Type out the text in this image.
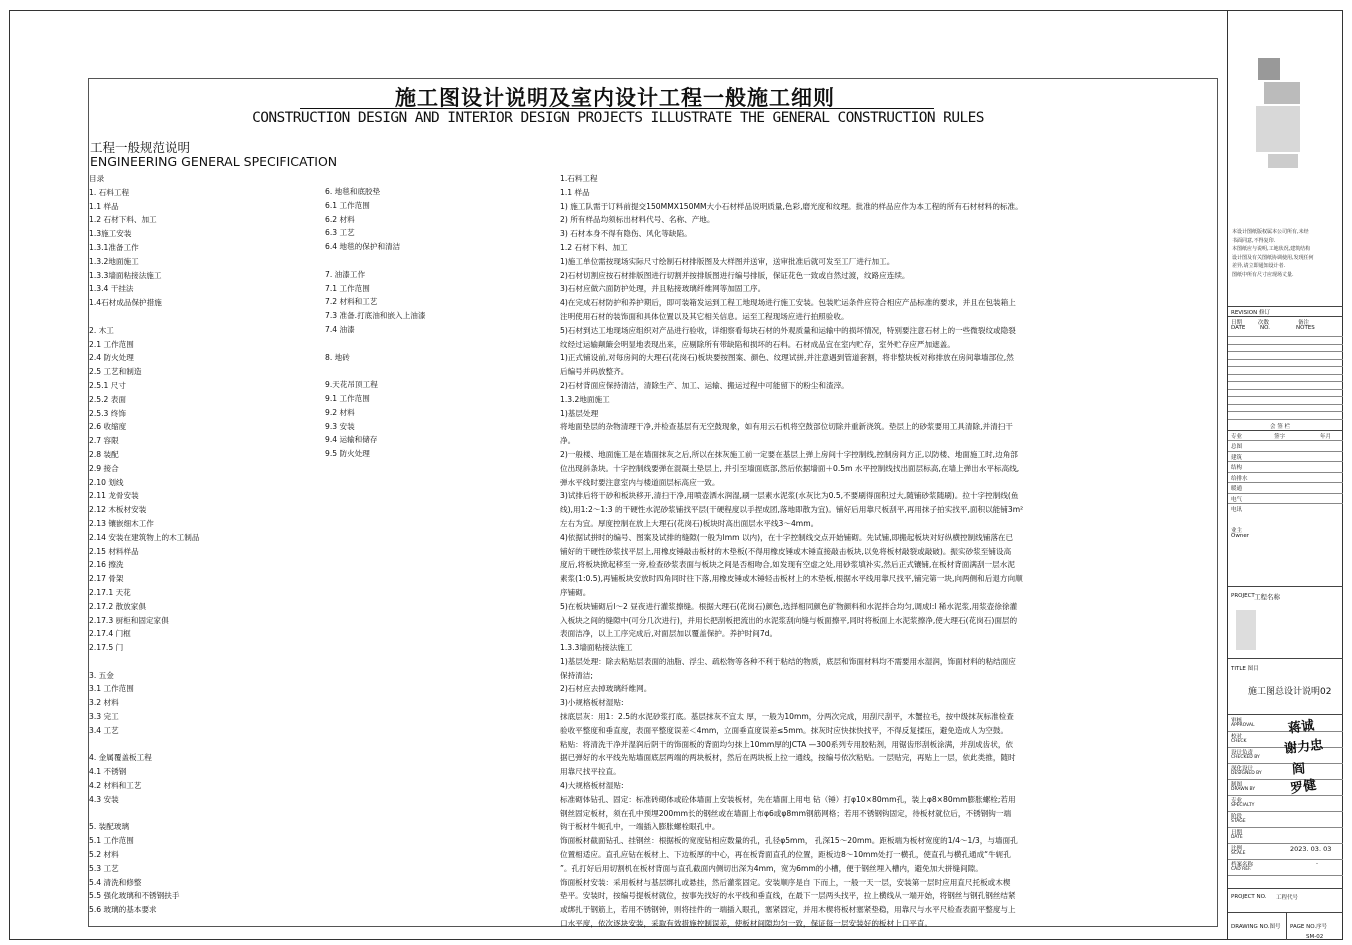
施工图设计说明及室内设计工程一般施工细则
CONSTRUCTION DESIGN AND INTERIOR DESIGN PROJECTS ILLUSTRATE THE GENERAL CONSTRUCTION RULES
工程一般规范说明
ENGINEERING GENERAL SPECIFICATION
目录
1. 石料工程
1.1 样品
1.2 石材下料、加工
1.3施工安装
1.3.1准备工作
1.3.2地面施工
1.3.3墙面粘接法施工
1.3.4 干挂法
1.4石材成品保护措施
2. 木工
2.1 工作范围
2.4 防火处理
2.5 工艺和制造
2.5.1 尺寸
2.5.2 表面
2.5.3 终饰
2.6 收缩度
2.7 容限
2.8 装配
2.9 接合
2.10 划线
2.11 龙骨安装
2.12 木板材安装
2.13 镶嵌细木工作
2.14 安装在建筑物上的木工制品
2.15 材料样品
2.16 擦洗
2.17 骨架
2.17.1 天花
2.17.2 散放家俱
2.17.3 厨柜和固定家俱
2.17.4 门框
2.17.5 门
3. 五金
3.1 工作范围
3.2 材料
3.3 完工
3.4 工艺
4. 金属覆盖板工程
4.1 不锈钢
4.2 材料和工艺
4.3 安装
5. 装配玻璃
5.1 工作范围
5.2 材料
5.3 工艺
5.4 清洗和修整
5.5 强化玻璃和不锈钢扶手
5.6 玻璃的基本要求
6. 地毯和底胶垫
6.1 工作范围
6.2 材料
6.3 工艺
6.4 地毯的保护和清洁
7. 油漆工作
7.1 工作范围
7.2 材料和工艺
7.3 准备.打底油和嵌入上油漆
7.4 油漆
8. 地砖
9.天花吊顶工程
9.1 工作范围
9.2 材料
9.3 安装
9.4 运输和储存
9.5 防火处理
1.石料工程
1.1 样品
1) 施工队需于订料前提交150MMX150MM大小石材样品说明质量,色彩,磨光度和纹理。批准的样品应作为本工程的所有石材材料的标准。
2) 所有样品均须标出材料代号、名称、产地。
3) 石材本身不得有隐伤、风化等缺陷。
1.2 石材下料、加工
1)施工单位需按现场实际尺寸绘制石材排版图及大样图并送审，送审批准后就可发至工厂进行加工。
2)石材切割应按石材排版图进行切割并按排版图进行编号排版，保证花色一致或自然过渡，纹路应连续。
3)石材应做六面防护处理，并且粘接玻璃纤维网等加固工序。
4)在完成石材防护和养护期后，即可装箱发运到工程工地现场进行施工安装。包装贮运条件应符合相应产品标准的要求，并且在包装箱上
注明使用石材的装饰面和具体位置以及其它相关信息。运至工程现场应进行拍照验收。
5)石材到达工地现场应组织对产品进行验收，详细察看每块石材的外观质量和运输中的损坏情况，特别要注意石材上的一些微裂纹或隐裂
纹经过运输颠簸会明显地表现出来，应剔除所有带缺陷和损坏的石料。石材成品宜在室内贮存，室外贮存应严加遮盖。
1)正式铺设前,对每房间的大理石(花岗石)板块要按图案、颜色、纹理试拼,并注意遇到管道套割，将非整块板对称排放在房间靠墙部位,然
后编号并码放整齐。
2)石材背面应保持清洁，清除生产、加工、运输、搬运过程中可能留下的粉尘和渣滓。
1.3.2地面施工
1)基层处理
将地面垫层的杂物清理干净,并检查基层有无空鼓现象，如有用云石机将空鼓部位切除并重新浇筑。垫层上的砂浆要用工具清除,并清扫干
净。
2)一般楼、地面施工是在墙面抹灰之后,所以在抹灰施工前一定要在基层上弹上房间十字控制线,控制房间方正,以防楼、地面施工时,边角部
位出现斜条块。十字控制线要弹在混凝土垫层上, 并引至墙面底部,然后依据墙面＋0.5m 水平控制线找出面层标高,在墙上弹出水平标高线,
弹水平线时要注意室内与楼道面层标高应一致。
3)试排后将干砂和板块移开,清扫干净,用喷壶洒水润湿,刷一层素水泥浆(水灰比为0.5,不要刷得面积过大,随铺砂浆随刷)。拉十字控制线(鱼
线),用1:2～1:3 的干硬性水泥砂浆铺找平层(干硬程度以手捏成团,落地即散为宜)。铺好后用靠尺板刮平,再用抹子拍实找平,面积以能铺3m²
左右为宜。厚度控制在放上大理石(花岗石)板块时高出面层水平线3～4mm。
4)依据试拼时的编号、图案及试排的缝隙(一般为lmm 以内)，在十字控制线交点开始铺砌。先试铺,即搬起板块对好纵横控制线铺落在已
铺好的干硬性砂浆找平层上,用橡皮锤敲击板材的木垫板(不得用橡皮锤或木锤直接敲击板块,以免将板材敲裂或敲破)。振实砂浆至铺设高
度后,将板块掀起移至一旁,检查砂浆表面与板块之间是否相吻合,如发现有空虚之处,用砂浆填补实,然后正式镶铺,在板材背面满刮一层水泥
素浆(1:0.5),再铺板块安放时四角同时往下落,用橡皮锤或木锤轻击板材上的木垫板,根据水平线用靠尺找平,铺完第一块,向两侧和后退方向顺
序铺砌。
5)在板块铺砌后l～2 昼夜进行灌浆擦缝。根据大理石(花岗石)颜色,选择相同颜色矿物颜料和水泥拌合均匀,调成l:l 稀水泥浆,用浆壶徐徐灌
入板块之间的缝隙中(可分几次进行)，并用长把刮板把流出的水泥浆刮向缝与板面擦平,同时将板面上水泥浆擦净,使大理石(花岗石)面层的
表面洁净，以上工序完成后,对面层加以覆盖保护。养护时间7d。
1.3.3墙面粘接法施工
1)基层处理：除去粘贴层表面的油脂、浮尘、疏松物等各种不利于粘结的物质，底层和饰面材料均不需要用水湿润，饰面材料的粘结面应
保持清洁;
2)石材应去掉玻璃纤维网。
3)小规格板材湿贴:
抹底层灰：用1：2.5的水泥砂浆打底。基层抹灰不宜太 厚，一般为10mm，分两次完成，用刮尺刮平，木蟹拉毛，按中级抹灰标准检查
验收平整度和垂直度，表面平整度误差＜4mm，立面垂直度误差≤5mm。抹灰时应快抹快找平，不得反复揉压，避免造成人为空鼓。
粘贴：将清洗干净并湿润后阴干的饰面板的背面均匀抹上10mm厚的JCTA —300系列专用胶粘剂，用锯齿形刮板涂满，并刮成齿状，依
据已弹好的水平线先贴墙面底层两端的两块板材，然后在两块板上拉一通线，按编号依次粘贴。一层贴完，再贴上一层，依此类推，随时
用靠尺找平拉直。
4)大规格板材湿贴:
标准砌体钻孔、固定：标准砖砌体或砼体墙面上安装板材，先在墙面上用电 钻（锤）打φ10×80mm孔，装上φ8×80mm膨胀螺栓;若用
钢丝固定板材，须在孔中预埋200mm长的钢丝或在墙面上布φ6或φ8mm钢筋网格；若用不锈钢钩固定，待板材就位后，不锈钢钩一端
钩于板材牛轭孔中，一端插入膨胀螺栓眼孔中。
饰面板材截面钻孔、挂钢丝：根据板的宽度钻相应数量的孔，孔径φ5mm， 孔深15～20mm。距板端为板材宽度的1/4～1/3，与墙面孔
位置相适应。直孔应钻在板材上、下边板厚的中心，再在板背面直孔的位置，距板边8～10mm处打一横孔，使直孔与横孔通成“牛轭孔
”。孔打好后用切割机在板材背面与直孔截面内侧切出深为4mm，宽为6mm的小槽，便于钢丝埋入槽内，避免加大拼缝间隙。
饰面板材安装：采用板材与基层绑扎或悬挂，然后灌浆固定。安装顺序是自 下而上，一般一天一层，安装第一层时应用直尺托板或木楔
垫平。安装时，按编号提板材就位，按事先找好的水平线和垂直线，在最下一层两头找平，拉上横线从一端开始，将钢丝与钢孔钢丝结紧
或绑扎于钢筋上，若用不锈钢钟，则将挂件的一端插入眼孔，塞紧固定，并用木楔将板材塞紧垫稳，用靠尺与水平尺检查表面平整度与上
口水平度，依次逐块安装，采取有效措施控制误差，使板材间隙均匀一致，保证每一层安装好的板材上口平直。
本设计图纸版权属本公司所有,未经
书面同意,不得复印.
本图纸应与说明,工地状况,建筑结构
设计图及有关图纸协调使用,发现任何
差异,请立即通知设计者.
图纸中所有尺寸应现场丈量.
REVISION 修订
日期
DATE
次数
NO.
备注
NOTES
会 签 栏
专业	签字	年月
总图
建筑
结构
给排水
暖通
电气
电讯
业主
Owner
PROJECT 工程名称
TITLE 图目
施工图总设计说明02
审核
APPROVAL
校对
CHECK
设计负责
CHECKED BY
深化设计
DESIGNED BY
制图
DRAWN BY
专业
SPECIALTY
阶段
STAGE
日期
DATE
比例
SCALE
档案名称
CAD REF.
2023. 03. 03
-
蒋诚
谢力忠
阎
罗健
PROJECT NO. 工程代号
DRAWING NO.图号 PAGE NO.序号
SM-02
